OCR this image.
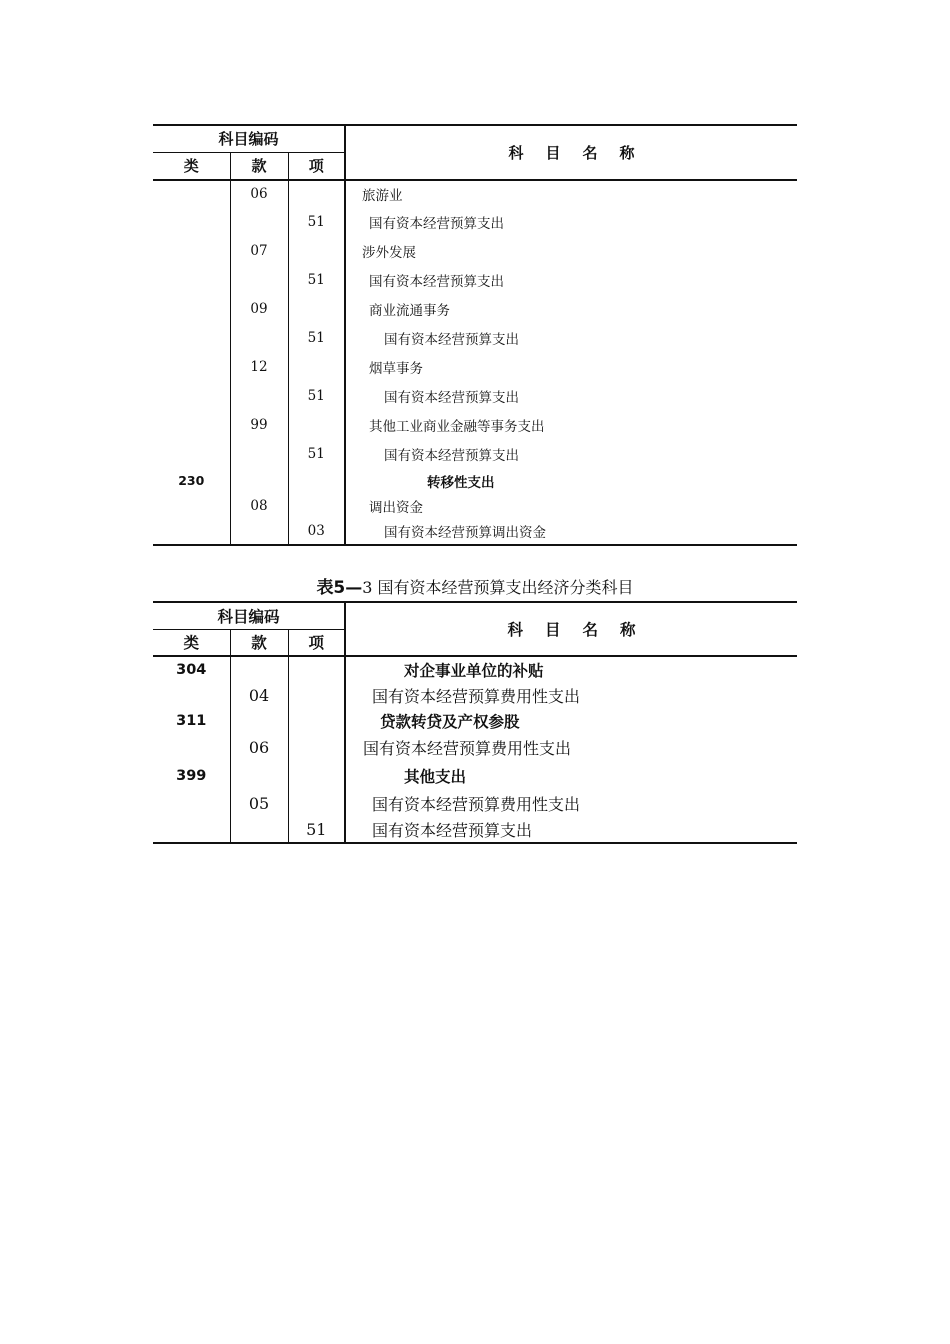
科目编码			科目名称
类	款	项	
	06		旅游业
		51	国有资本经营预算支出
	07		涉外发展
		51	国有资本经营预算支出
	09		商业流通事务
		51	国有资本经营预算支出
	12		烟草事务
		51	国有资本经营预算支出
	99		其他工业商业金融等事务支出
		51	国有资本经营预算支出
230			转移性支出
	08		调出资金
		03	国有资本经营预算调出资金
表5—3 国有资本经营预算支出经济分类科目
科目编码			科目名称
类	款	项	
304			对企事业单位的补贴
	04		国有资本经营预算费用性支出
311			贷款转贷及产权参股
	06		国有资本经营预算费用性支出
399			其他支出
	05		国有资本经营预算费用性支出
		51	国有资本经营预算支出
